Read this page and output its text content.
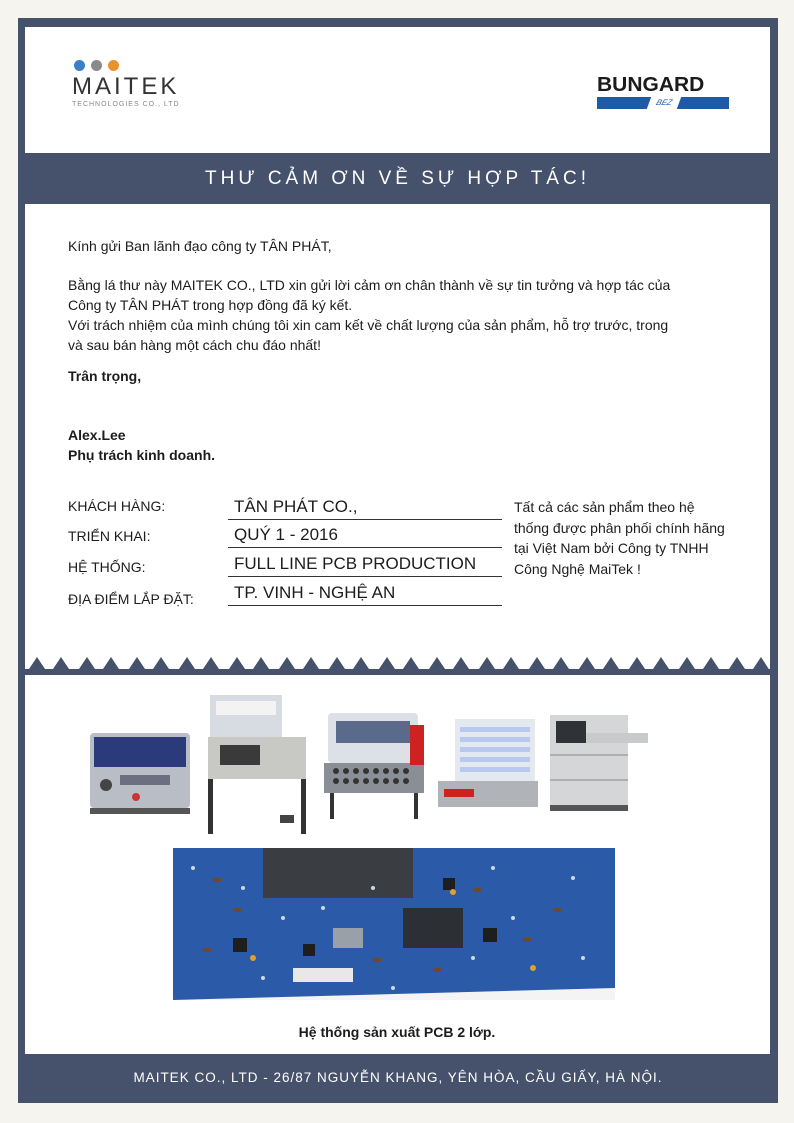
MAITEK
TECHNOLOGIES CO., LTD
BUNGARD
BEZ
THƯ CẢM ƠN VỀ SỰ HỢP TÁC!
Kính gửi Ban lãnh đạo công ty TÂN PHÁT,
Bằng lá thư này MAITEK CO., LTD xin gửi lời cảm ơn chân thành về sự tin tưởng và hợp tác của
Công ty TÂN PHÁT trong hợp đồng đã ký kết.
Với trách nhiệm của mình chúng tôi xin cam kết về chất lượng của sản phẩm, hỗ trợ trước, trong
và sau bán hàng một cách chu đáo nhất!
Trân trọng,
Alex.Lee
Phụ trách kinh doanh.
KHÁCH HÀNG:	TÂN PHÁT CO.,
TRIỂN KHAI:	QUÝ 1 - 2016
HỆ THỐNG:	FULL LINE PCB PRODUCTION
ĐỊA ĐIỂM LẮP ĐẶT:	TP. VINH - NGHỆ AN
Tất cả các sản phẩm theo hệ thống được phân phối chính hãng tại Việt Nam bởi Công ty TNHH Công Nghệ MaiTek !
Hệ thống sản xuất PCB 2 lớp.
MAITEK CO., LTD - 26/87 NGUYỄN KHANG, YÊN HÒA, CẦU GIẤY, HÀ NỘI.
